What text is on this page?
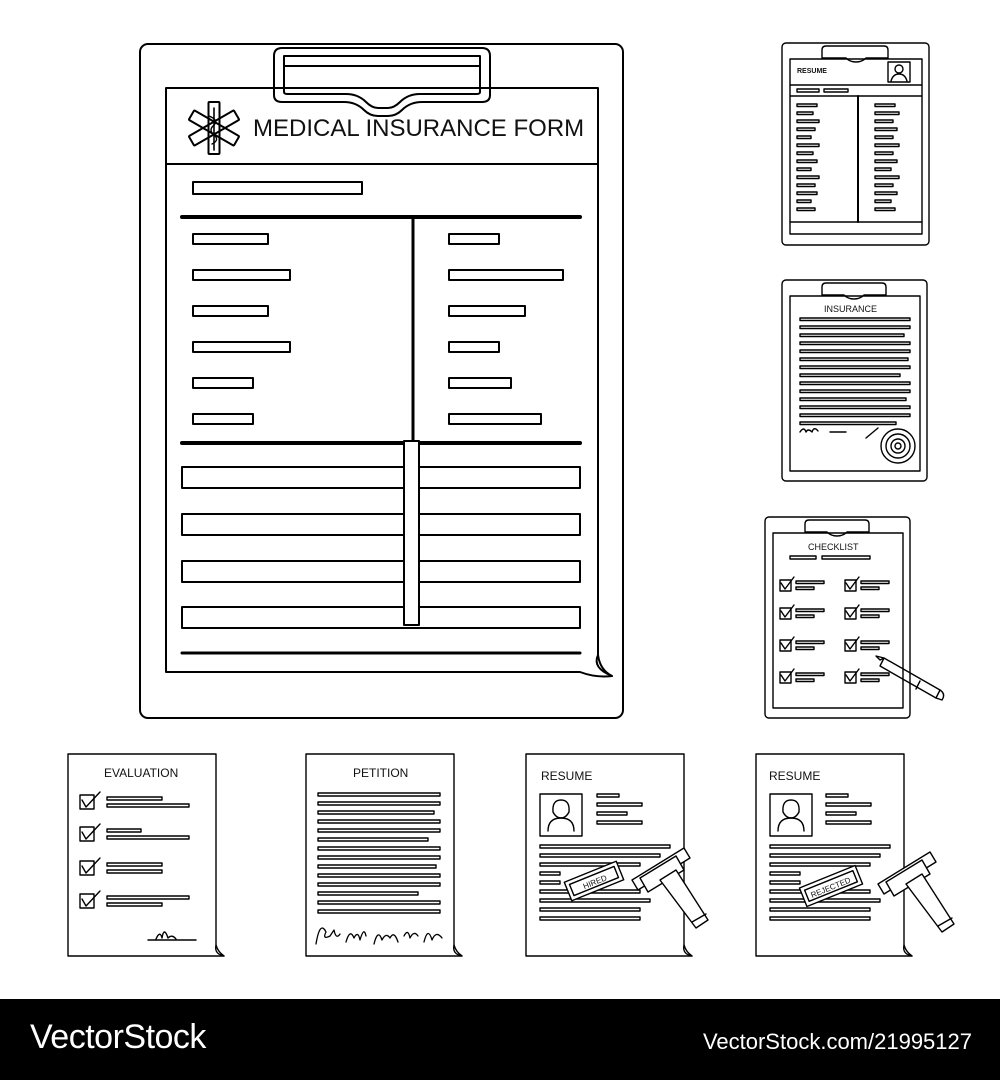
MEDICAL INSURANCE FORM
RESUME
INSURANCE
CHECKLIST
EVALUATION	PETITION	RESUME
HIRED
RESUME
REJECTED
VectorStock	VectorStock.com/21995127
